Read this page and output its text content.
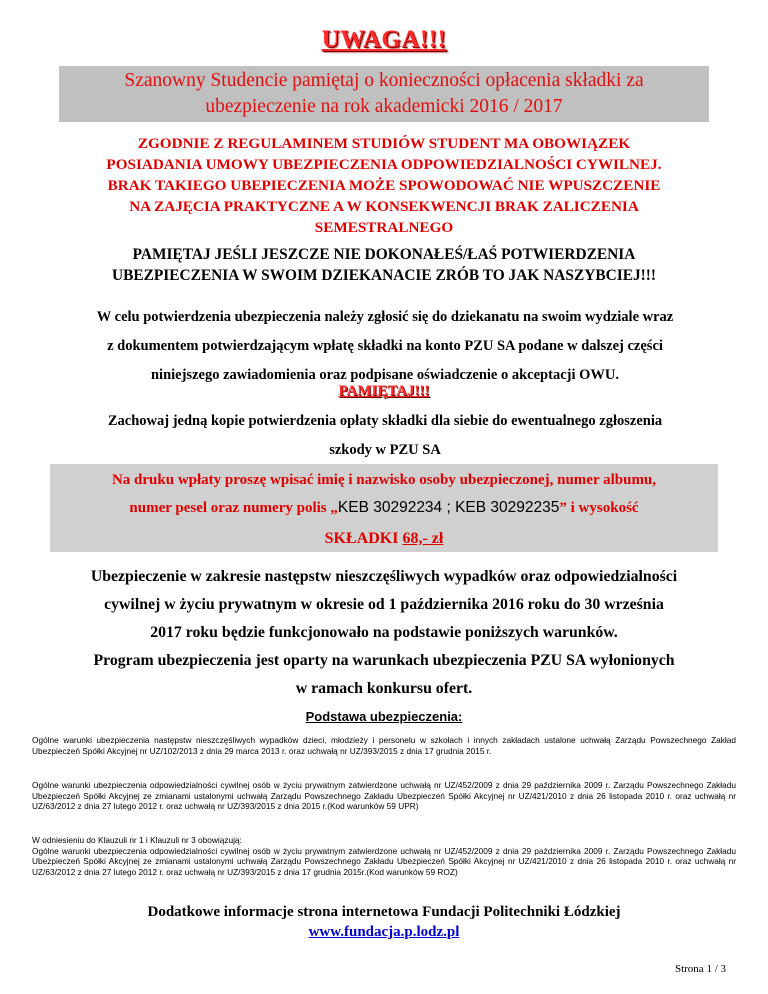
UWAGA!!!
Szanowny Studencie pamiętaj o konieczności opłacenia składki za
ubezpieczenie na rok akademicki 2016 / 2017
ZGODNIE Z REGULAMINEM STUDIÓW STUDENT MA OBOWIĄZEK
POSIADANIA UMOWY UBEZPIECZENIA ODPOWIEDZIALNOŚCI CYWILNEJ.
BRAK TAKIEGO UBEPIECZENIA MOŻE SPOWODOWAĆ NIE WPUSZCZENIE
NA ZAJĘCIA PRAKTYCZNE A W KONSEKWENCJI BRAK ZALICZENIA
SEMESTRALNEGO
PAMIĘTAJ JEŚLI JESZCZE NIE DOKONAŁEŚ/ŁAŚ POTWIERDZENIA
UBEZPIECZENIA W SWOIM DZIEKANACIE ZRÓB TO JAK NASZYBCIEJ!!!
W celu potwierdzenia ubezpieczenia należy zgłosić się do dziekanatu na swoim wydziale wraz
z dokumentem potwierdzającym wpłatę składki na konto PZU SA podane w dalszej części
niniejszego zawiadomienia oraz podpisane oświadczenie o akceptacji OWU.
PAMIĘTAJ!!!
Zachowaj jedną kopie potwierdzenia opłaty składki dla siebie do ewentualnego zgłoszenia
szkody w PZU SA
Na druku wpłaty proszę wpisać imię i nazwisko osoby ubezpieczonej, numer albumu,
numer pesel oraz numery polis „KEB 30292234 ; KEB 30292235” i wysokość
SKŁADKI 68,- zł
Ubezpieczenie w zakresie następstw nieszczęśliwych wypadków oraz odpowiedzialności
cywilnej w życiu prywatnym w okresie od 1 października 2016 roku do 30 września
2017 roku będzie funkcjonowało na podstawie poniższych warunków.
Program ubezpieczenia jest oparty na warunkach ubezpieczenia PZU SA wyłonionych
w ramach konkursu ofert.
Podstawa ubezpieczenia:
Ogólne warunki ubezpieczenia następstw nieszczęśliwych wypadków dzieci, młodzieży i personelu w szkołach i innych zakładach ustalone uchwałą Zarządu Powszechnego Zakład Ubezpieczeń Spółki Akcyjnej nr UZ/102/2013 z dnia 29 marca 2013 r. oraz uchwałą nr UZ/393/2015 z dnia 17 grudnia 2015 r.
Ogólne warunki ubezpieczenia odpowiedzialności cywilnej osób w życiu prywatnym zatwierdzone uchwałą nr UZ/452/2009 z dnia 29 października 2009 r. Zarządu Powszechnego Zakładu Ubezpieczeń Spółki Akcyjnej ze zmianami ustalonymi uchwałą Zarządu Powszechnego Zakładu Ubezpieczeń Spółki Akcyjnej nr UZ/421/2010 z dnia 26 listopada 2010 r. oraz uchwałą nr UZ/63/2012 z dnia 27 lutego 2012 r. oraz uchwałą nr UZ/393/2015 z dnia 2015 r.(Kod warunków 59 UPR)
W odniesieniu do Klauzuli nr 1 i Klauzuli nr 3 obowiązują:
Ogólne warunki ubezpieczenia odpowiedzialności cywilnej osób w życiu prywatnym zatwierdzone uchwałą nr UZ/452/2009 z dnia 29 października 2009 r. Zarządu Powszechnego Zakładu Ubezpieczeń Spółki Akcyjnej ze zmianami ustalonymi uchwałą Zarządu Powszechnego Zakładu Ubezpieczeń Spółki Akcyjnej nr UZ/421/2010 z dnia 26 listopada 2010 r. oraz uchwałą nr UZ/63/2012 z dnia 27 lutego 2012 r. oraz uchwałą nr UZ/393/2015 z dnia 17 grudnia 2015r.(Kod warunków 59 ROZ)
Dodatkowe informacje strona internetowa Fundacji Politechniki Łódzkiej
www.fundacja.p.lodz.pl
Strona 1 / 3
